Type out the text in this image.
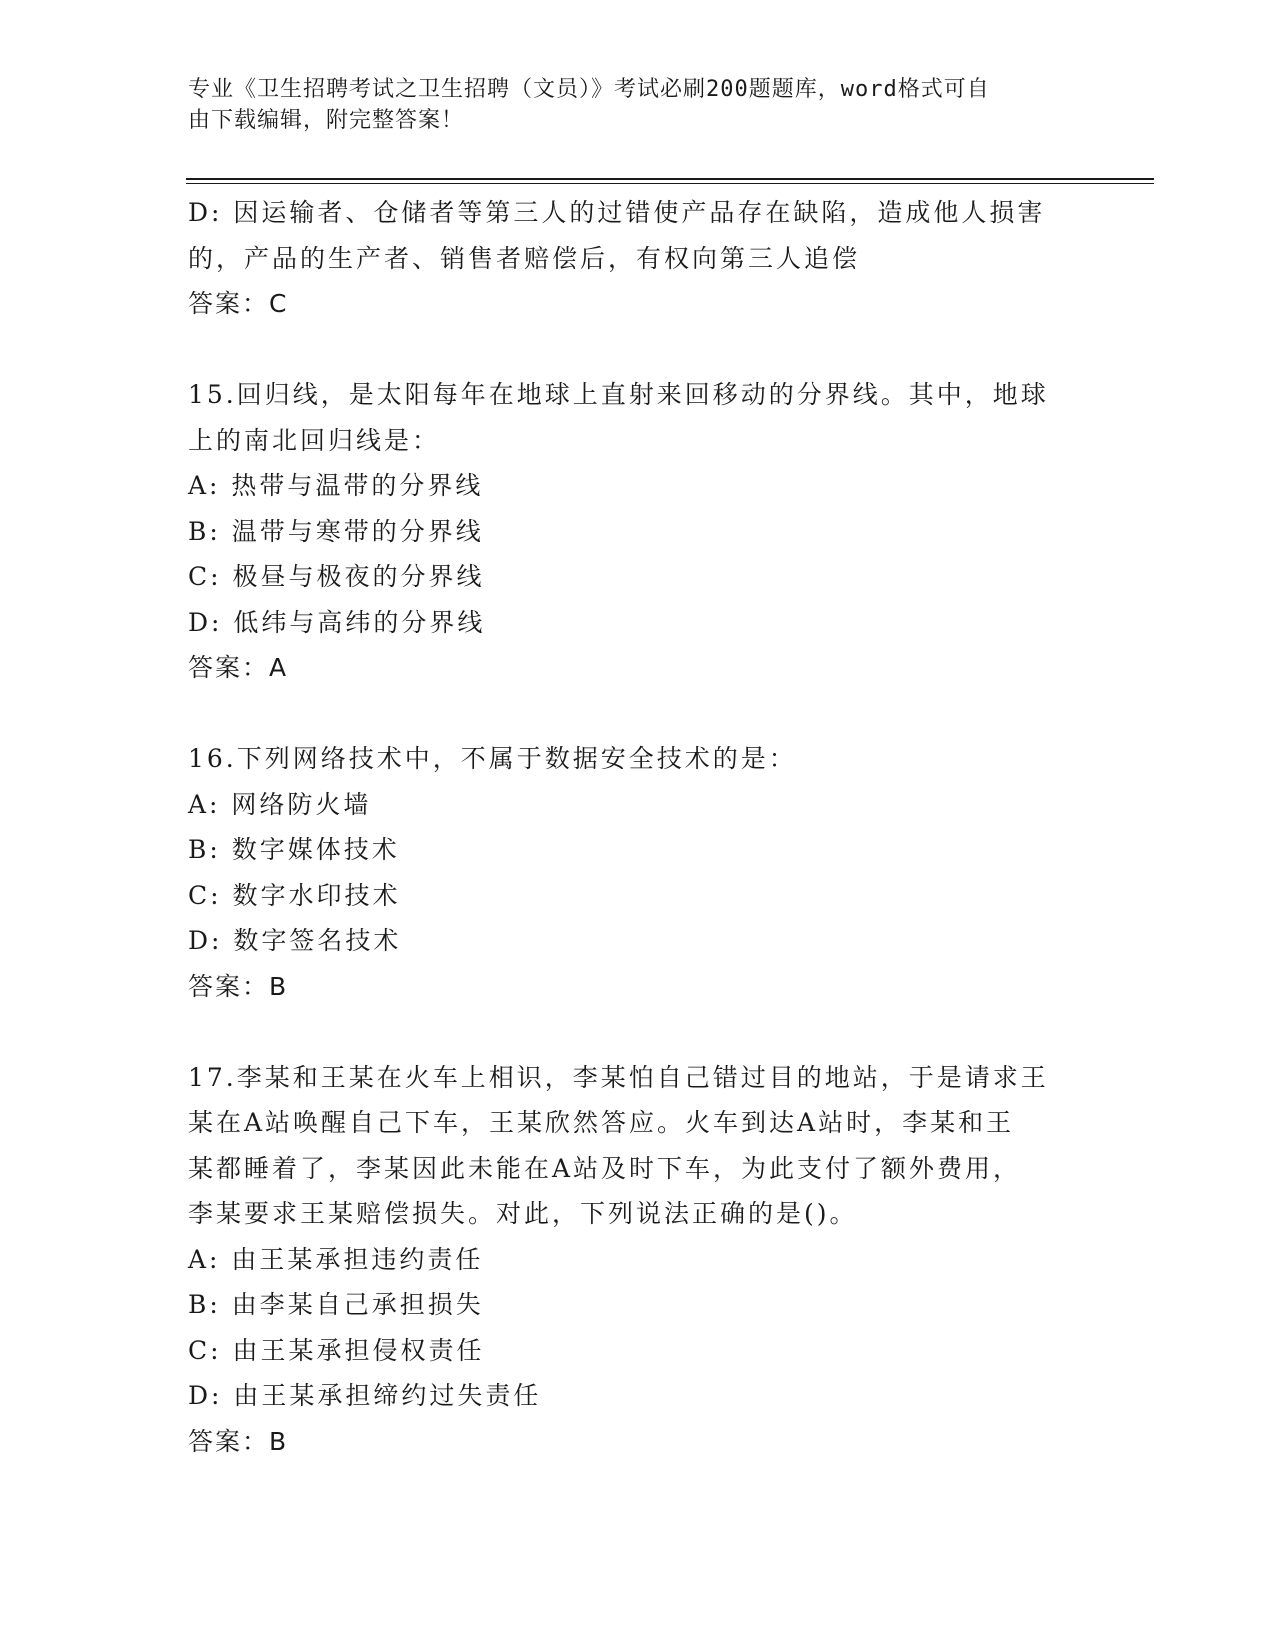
专业《卫生招聘考试之卫生招聘（文员）》考试必刷200题题库，word格式可自
由下载编辑，附完整答案！
D: 因运输者、仓储者等第三人的过错使产品存在缺陷，造成他人损害
的，产品的生产者、销售者赔偿后，有权向第三人追偿
答案：C
15.回归线，是太阳每年在地球上直射来回移动的分界线。其中，地球
上的南北回归线是：
A: 热带与温带的分界线
B: 温带与寒带的分界线
C: 极昼与极夜的分界线
D: 低纬与高纬的分界线
答案：A
16.下列网络技术中，不属于数据安全技术的是：
A: 网络防火墙
B: 数字媒体技术
C: 数字水印技术
D: 数字签名技术
答案：B
17.李某和王某在火车上相识，李某怕自己错过目的地站，于是请求王
某在A站唤醒自己下车，王某欣然答应。火车到达A站时，李某和王
某都睡着了，李某因此未能在A站及时下车，为此支付了额外费用，
李某要求王某赔偿损失。对此，下列说法正确的是()。
A: 由王某承担违约责任
B: 由李某自己承担损失
C: 由王某承担侵权责任
D: 由王某承担缔约过失责任
答案：B
